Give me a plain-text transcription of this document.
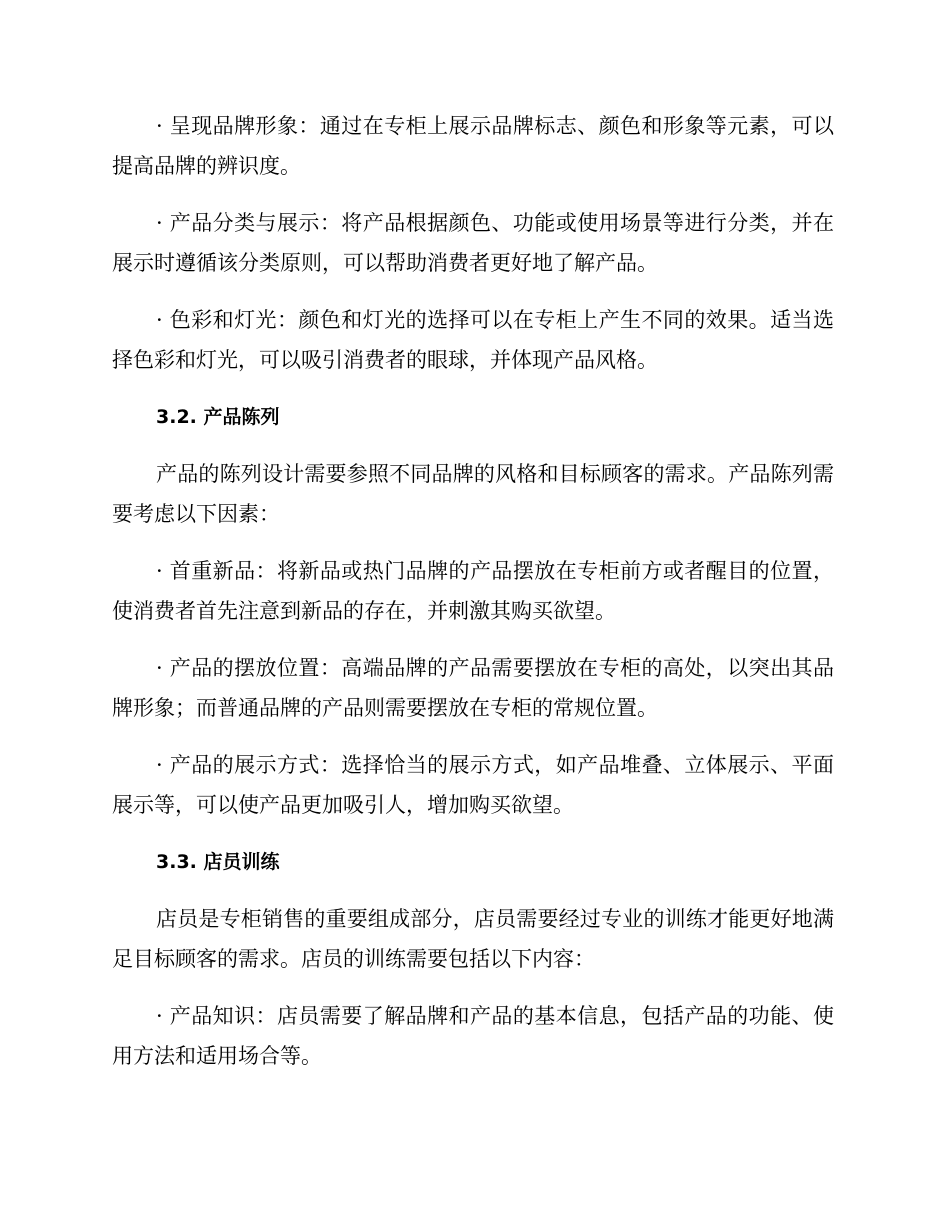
· 呈现品牌形象：通过在专柜上展示品牌标志、颜色和形象等元素，可以提高品牌的辨识度。

· 产品分类与展示：将产品根据颜色、功能或使用场景等进行分类，并在展示时遵循该分类原则，可以帮助消费者更好地了解产品。

· 色彩和灯光：颜色和灯光的选择可以在专柜上产生不同的效果。适当选择色彩和灯光，可以吸引消费者的眼球，并体现产品风格。

3.2. 产品陈列

产品的陈列设计需要参照不同品牌的风格和目标顾客的需求。产品陈列需要考虑以下因素：

· 首重新品：将新品或热门品牌的产品摆放在专柜前方或者醒目的位置，使消费者首先注意到新品的存在，并刺激其购买欲望。

· 产品的摆放位置：高端品牌的产品需要摆放在专柜的高处，以突出其品牌形象；而普通品牌的产品则需要摆放在专柜的常规位置。

· 产品的展示方式：选择恰当的展示方式，如产品堆叠、立体展示、平面展示等，可以使产品更加吸引人，增加购买欲望。

3.3. 店员训练

店员是专柜销售的重要组成部分，店员需要经过专业的训练才能更好地满足目标顾客的需求。店员的训练需要包括以下内容：

· 产品知识：店员需要了解品牌和产品的基本信息，包括产品的功能、使用方法和适用场合等。
